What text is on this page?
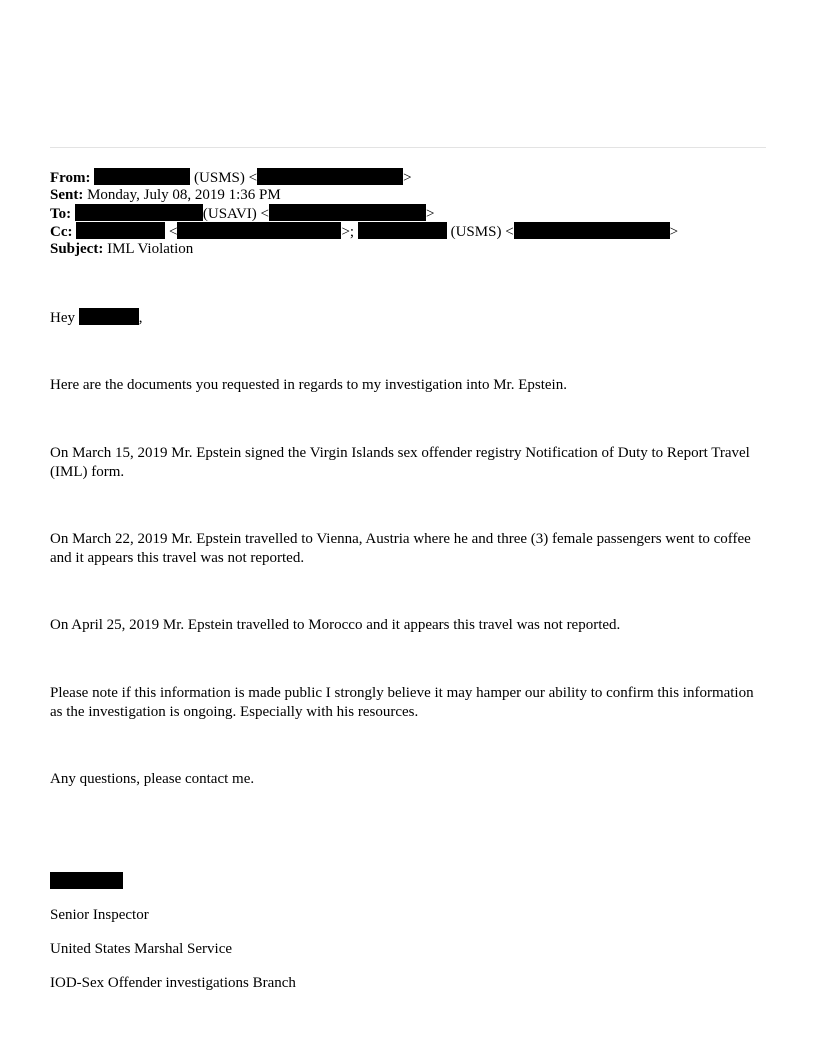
From:	(USMS) <	>
Sent: Monday, July 08, 2019 1:36 PM
To:	(USAVI) <	>
Cc:	<	>;	(USMS) <	>
Subject: IML Violation
Hey	,
Here are the documents you requested in regards to my investigation into Mr. Epstein.
On March 15, 2019 Mr. Epstein signed the Virgin Islands sex offender registry Notification of Duty to Report Travel (IML) form.
On March 22, 2019 Mr. Epstein travelled to Vienna, Austria where he and three (3) female passengers went to coffee and it appears this travel was not reported.
On April 25, 2019 Mr. Epstein travelled to Morocco and it appears this travel was not reported.
Please note if this information is made public I strongly believe it may hamper our ability to confirm this information as the investigation is ongoing. Especially with his resources.
Any questions, please contact me.
Senior Inspector
United States Marshal Service
IOD-Sex Offender investigations Branch
